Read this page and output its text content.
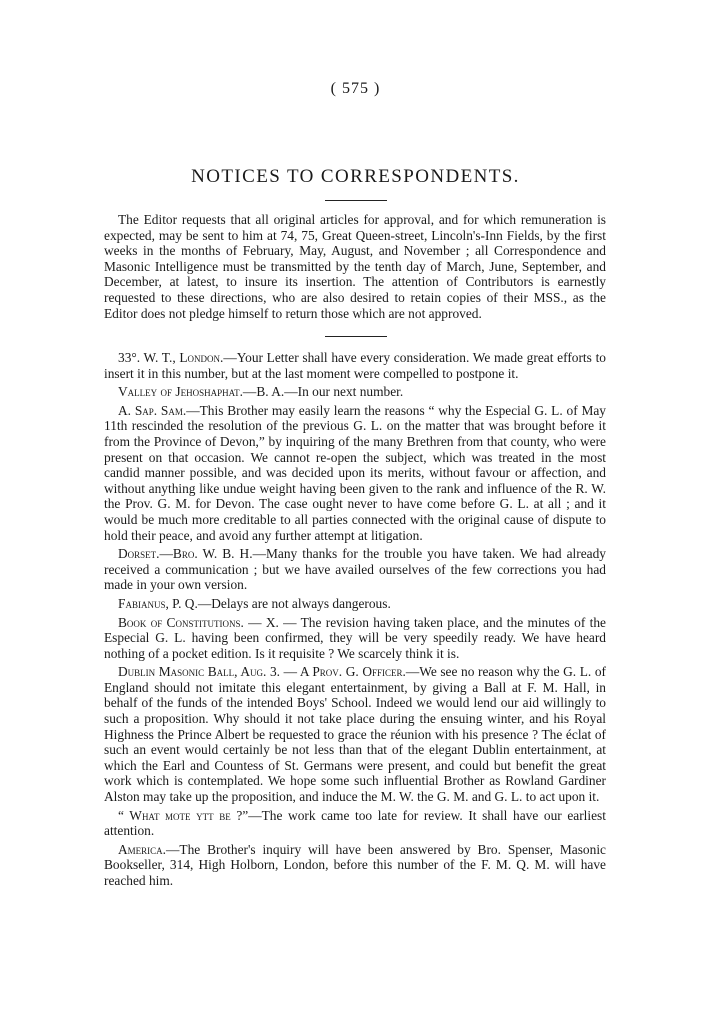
( 575 )
NOTICES TO CORRESPONDENTS.

The Editor requests that all original articles for approval, and for which remuneration is expected, may be sent to him at 74, 75, Great Queen-street, Lincoln's-Inn Fields, by the first weeks in the months of February, May, August, and November ; all Correspondence and Masonic Intelligence must be transmitted by the tenth day of March, June, September, and December, at latest, to insure its insertion. The attention of Contributors is earnestly requested to these directions, who are also desired to retain copies of their MSS., as the Editor does not pledge himself to return those which are not approved.

33°. W. T., London.—Your Letter shall have every consideration. We made great efforts to insert it in this number, but at the last moment were compelled to postpone it.

Valley of Jehoshaphat.—B. A.—In our next number.

A. Sap. Sam.—This Brother may easily learn the reasons “ why the Especial G. L. of May 11th rescinded the resolution of the previous G. L. on the matter that was brought before it from the Province of Devon,” by inquiring of the many Brethren from that county, who were present on that occasion. We cannot re-open the subject, which was treated in the most candid manner possible, and was decided upon its merits, without favour or affection, and without anything like undue weight having been given to the rank and influence of the R. W. the Prov. G. M. for Devon. The case ought never to have come before G. L. at all ; and it would be much more creditable to all parties connected with the original cause of dispute to hold their peace, and avoid any further attempt at litigation.

Dorset.—Bro. W. B. H.—Many thanks for the trouble you have taken. We had already received a communication ; but we have availed ourselves of the few corrections you had made in your own version.

Fabianus, P. Q.—Delays are not always dangerous.

Book of Constitutions. — X. — The revision having taken place, and the minutes of the Especial G. L. having been confirmed, they will be very speedily ready. We have heard nothing of a pocket edition. Is it requisite ? We scarcely think it is.

Dublin Masonic Ball, Aug. 3. — A Prov. G. Officer.—We see no reason why the G. L. of England should not imitate this elegant entertainment, by giving a Ball at F. M. Hall, in behalf of the funds of the intended Boys' School. Indeed we would lend our aid willingly to such a proposition. Why should it not take place during the ensuing winter, and his Royal Highness the Prince Albert be requested to grace the réunion with his presence ? The éclat of such an event would certainly be not less than that of the elegant Dublin entertainment, at which the Earl and Countess of St. Germans were present, and could but benefit the great work which is contemplated. We hope some such influential Brother as Rowland Gardiner Alston may take up the proposition, and induce the M. W. the G. M. and G. L. to act upon it.

“ What mote ytt be ?”—The work came too late for review. It shall have our earliest attention.

America.—The Brother's inquiry will have been answered by Bro. Spenser, Masonic Bookseller, 314, High Holborn, London, before this number of the F. M. Q. M. will have reached him.
